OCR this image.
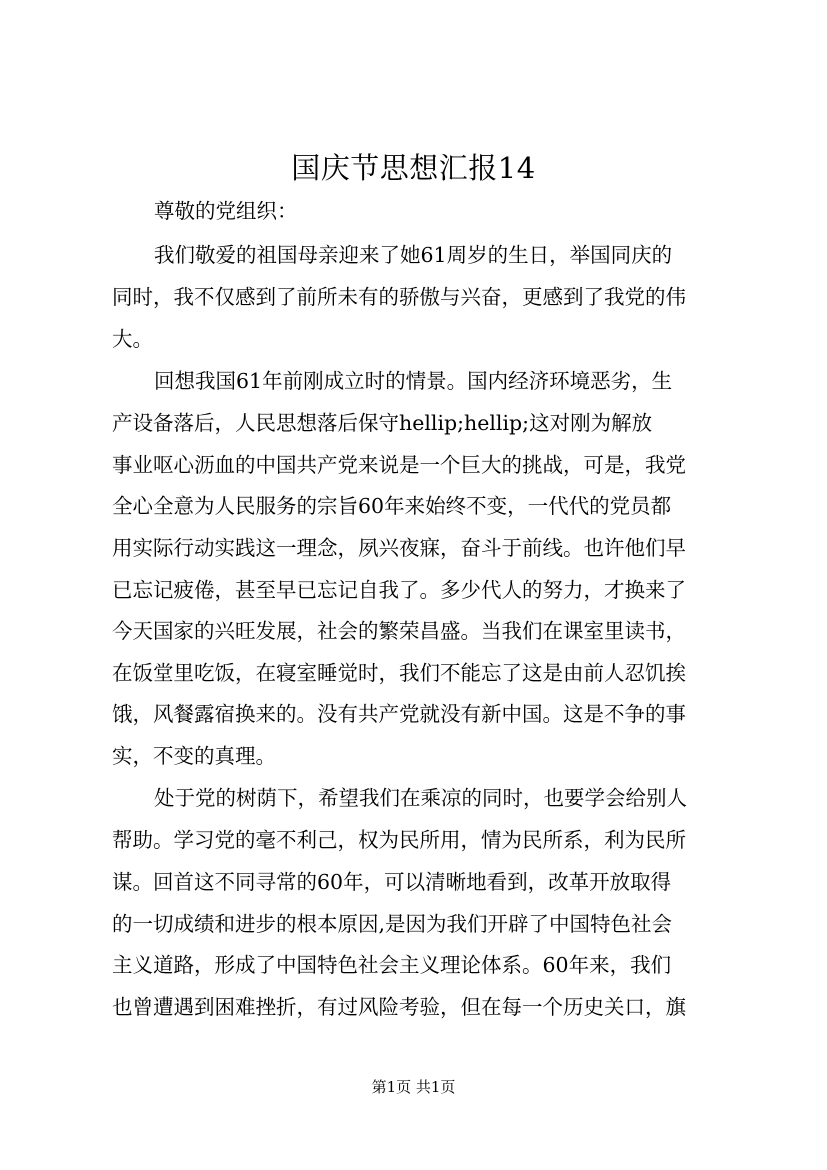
国庆节思想汇报14
尊敬的党组织：
我们敬爱的祖国母亲迎来了她61周岁的生日，举国同庆的
同时，我不仅感到了前所未有的骄傲与兴奋，更感到了我党的伟
大。
回想我国61年前刚成立时的情景。国内经济环境恶劣，生
产设备落后，人民思想落后保守hellip;hellip;这对刚为解放
事业呕心沥血的中国共产党来说是一个巨大的挑战，可是，我党
全心全意为人民服务的宗旨60年来始终不变，一代代的党员都
用实际行动实践这一理念，夙兴夜寐，奋斗于前线。也许他们早
已忘记疲倦，甚至早已忘记自我了。多少代人的努力，才换来了
今天国家的兴旺发展，社会的繁荣昌盛。当我们在课室里读书，
在饭堂里吃饭，在寝室睡觉时，我们不能忘了这是由前人忍饥挨
饿，风餐露宿换来的。没有共产党就没有新中国。这是不争的事
实，不变的真理。
处于党的树荫下，希望我们在乘凉的同时，也要学会给别人
帮助。学习党的毫不利己，权为民所用，情为民所系，利为民所
谋。回首这不同寻常的60年，可以清晰地看到，改革开放取得
的一切成绩和进步的根本原因,是因为我们开辟了中国特色社会
主义道路，形成了中国特色社会主义理论体系。60年来，我们
也曾遭遇到困难挫折，有过风险考验，但在每一个历史关口，旗
第1页 共1页
